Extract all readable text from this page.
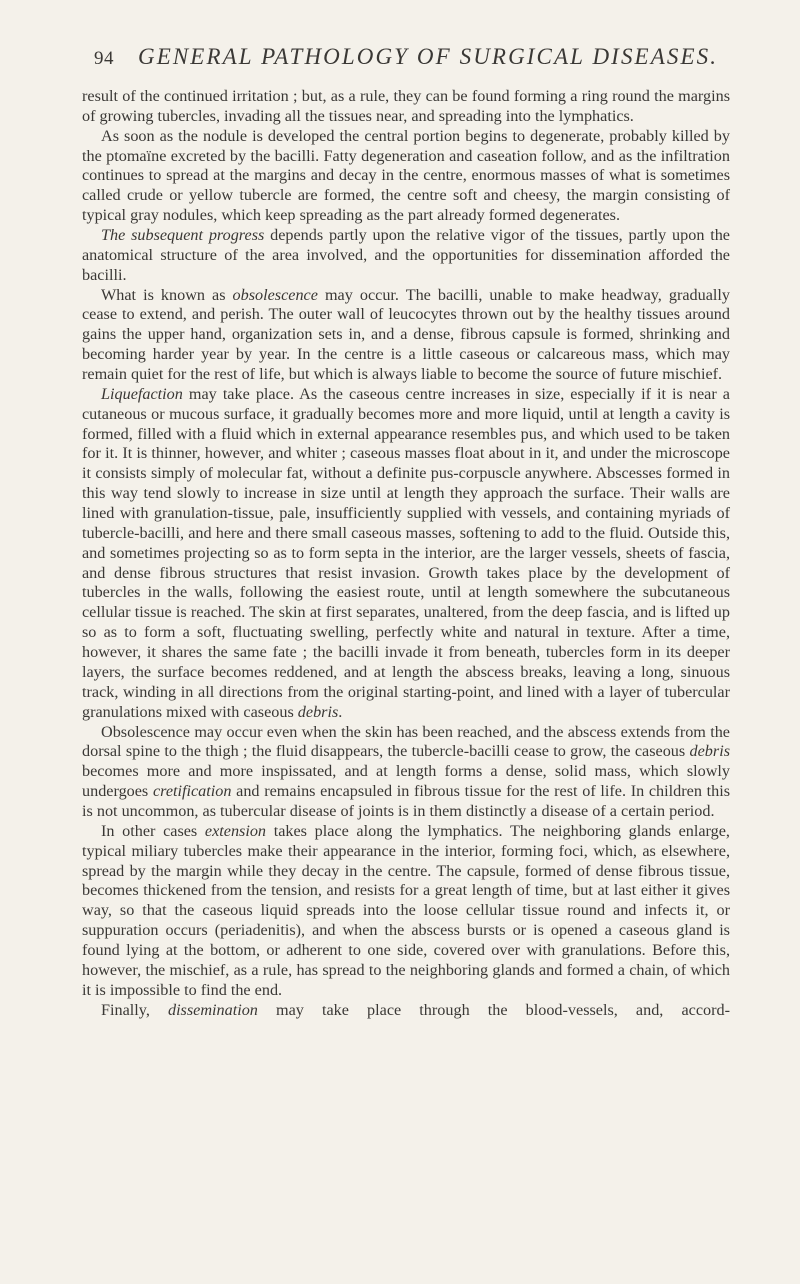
94 GENERAL PATHOLOGY OF SURGICAL DISEASES.

result of the continued irritation ; but, as a rule, they can be found forming a ring round the margins of growing tubercles, invading all the tissues near, and spreading into the lymphatics.

As soon as the nodule is developed the central portion begins to degenerate, probably killed by the ptomaïne excreted by the bacilli. Fatty degeneration and caseation follow, and as the infiltration continues to spread at the margins and decay in the centre, enormous masses of what is sometimes called crude or yellow tubercle are formed, the centre soft and cheesy, the margin consisting of typical gray nodules, which keep spreading as the part already formed degenerates.

The subsequent progress depends partly upon the relative vigor of the tissues, partly upon the anatomical structure of the area involved, and the opportunities for dissemination afforded the bacilli.

What is known as obsolescence may occur. The bacilli, unable to make headway, gradually cease to extend, and perish. The outer wall of leucocytes thrown out by the healthy tissues around gains the upper hand, organization sets in, and a dense, fibrous capsule is formed, shrinking and becoming harder year by year. In the centre is a little caseous or calcareous mass, which may remain quiet for the rest of life, but which is always liable to become the source of future mischief.

Liquefaction may take place. As the caseous centre increases in size, especially if it is near a cutaneous or mucous surface, it gradually becomes more and more liquid, until at length a cavity is formed, filled with a fluid which in external appearance resembles pus, and which used to be taken for it. It is thinner, however, and whiter ; caseous masses float about in it, and under the microscope it consists simply of molecular fat, without a definite pus-corpuscle anywhere. Abscesses formed in this way tend slowly to increase in size until at length they approach the surface. Their walls are lined with granulation-tissue, pale, insufficiently supplied with vessels, and containing myriads of tubercle-bacilli, and here and there small caseous masses, softening to add to the fluid. Outside this, and sometimes projecting so as to form septa in the interior, are the larger vessels, sheets of fascia, and dense fibrous structures that resist invasion. Growth takes place by the development of tubercles in the walls, following the easiest route, until at length somewhere the subcutaneous cellular tissue is reached. The skin at first separates, unaltered, from the deep fascia, and is lifted up so as to form a soft, fluctuating swelling, perfectly white and natural in texture. After a time, however, it shares the same fate ; the bacilli invade it from beneath, tubercles form in its deeper layers, the surface becomes reddened, and at length the abscess breaks, leaving a long, sinuous track, winding in all directions from the original starting-point, and lined with a layer of tubercular granulations mixed with caseous debris.

Obsolescence may occur even when the skin has been reached, and the abscess extends from the dorsal spine to the thigh ; the fluid disappears, the tubercle-bacilli cease to grow, the caseous debris becomes more and more inspissated, and at length forms a dense, solid mass, which slowly undergoes cretification and remains encapsuled in fibrous tissue for the rest of life. In children this is not uncommon, as tubercular disease of joints is in them distinctly a disease of a certain period.

In other cases extension takes place along the lymphatics. The neighboring glands enlarge, typical miliary tubercles make their appearance in the interior, forming foci, which, as elsewhere, spread by the margin while they decay in the centre. The capsule, formed of dense fibrous tissue, becomes thickened from the tension, and resists for a great length of time, but at last either it gives way, so that the caseous liquid spreads into the loose cellular tissue round and infects it, or suppuration occurs (periadenitis), and when the abscess bursts or is opened a caseous gland is found lying at the bottom, or adherent to one side, covered over with granulations. Before this, however, the mischief, as a rule, has spread to the neighboring glands and formed a chain, of which it is impossible to find the end.

Finally, dissemination may take place through the blood-vessels, and, accord-
